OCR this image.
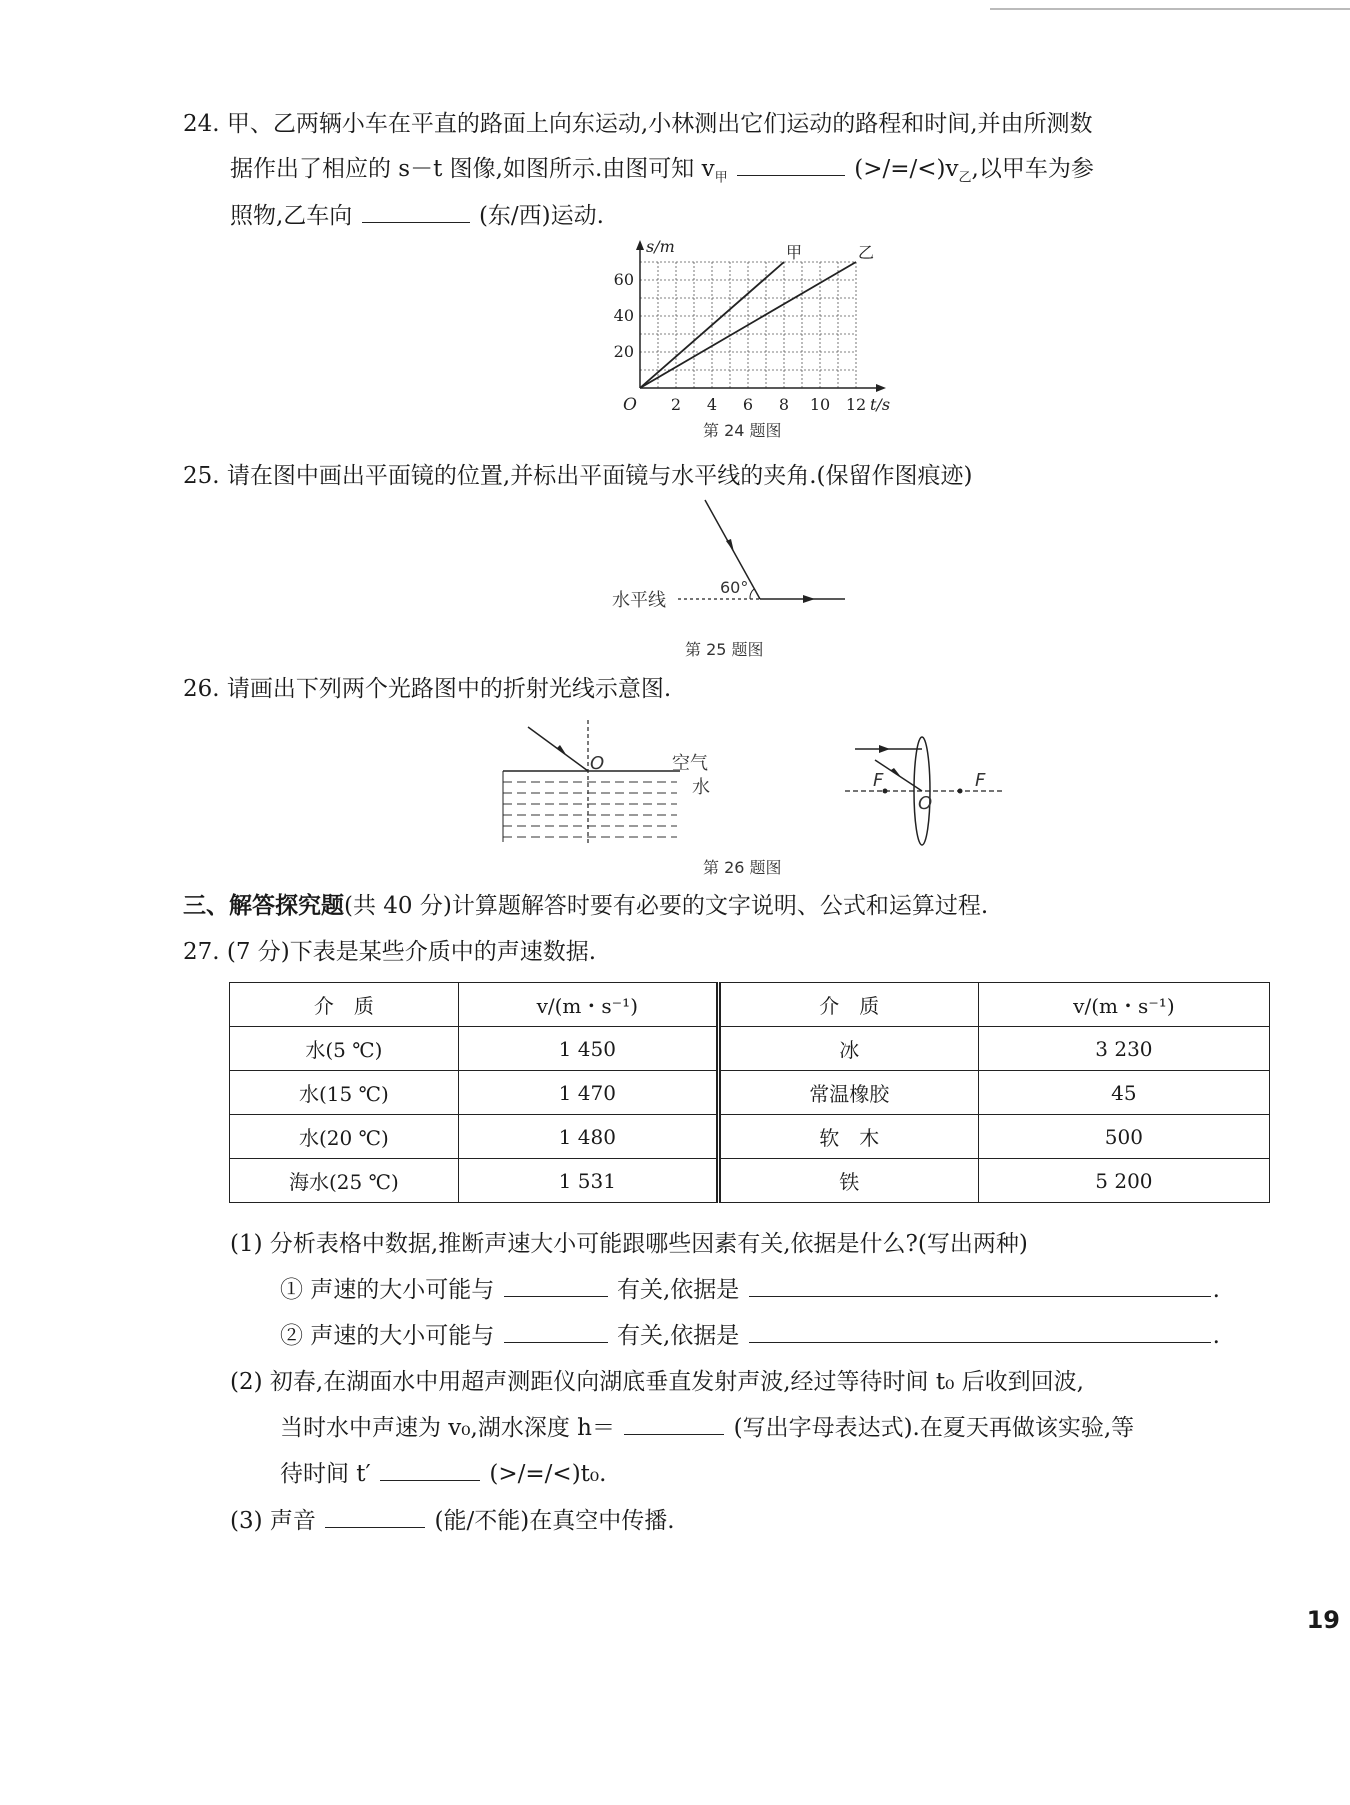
24. 甲、乙两辆小车在平直的路面上向东运动,小林测出它们运动的路程和时间,并由所测数
据作出了相应的 s－t 图像,如图所示.由图可知 $v_甲$	$(>/=/<)v_乙$,以甲车为参
照物,乙车向	(东/西)运动.
2 4 6 8 10 12
20
40
60
O	t/s
s/m	甲	乙
第 24 题图
25. 请在图中画出平面镜的位置,并标出平面镜与水平线的夹角.(保留作图痕迹)
水平线
60°
第 25 题图
26. 请画出下列两个光路图中的折射光线示意图.
O	空气
水	F	F
O
第 26 题图
三、解答探究题(共 40 分)计算题解答时要有必要的文字说明、公式和运算过程.
27. (7 分)下表是某些介质中的声速数据.
介　质	v/(m・s⁻¹)	介　质	v/(m・s⁻¹)
水(5 ℃)	1 450	冰	3 230
水(15 ℃)	1 470	常温橡胶	45
水(20 ℃)	1 480	软　木	500
海水(25 ℃)	1 531	铁	5 200
(1) 分析表格中数据,推断声速大小可能跟哪些因素有关,依据是什么?(写出两种)
① 声速的大小可能与	有关,依据是	.
② 声速的大小可能与	有关,依据是	.
(2) 初春,在湖面水中用超声测距仪向湖底垂直发射声波,经过等待时间 t₀ 后收到回波,
当时水中声速为 v₀,湖水深度 h＝	(写出字母表达式).在夏天再做该实验,等
待时间 t′	(>/=/<)t₀.
(3) 声音	(能/不能)在真空中传播.
19
